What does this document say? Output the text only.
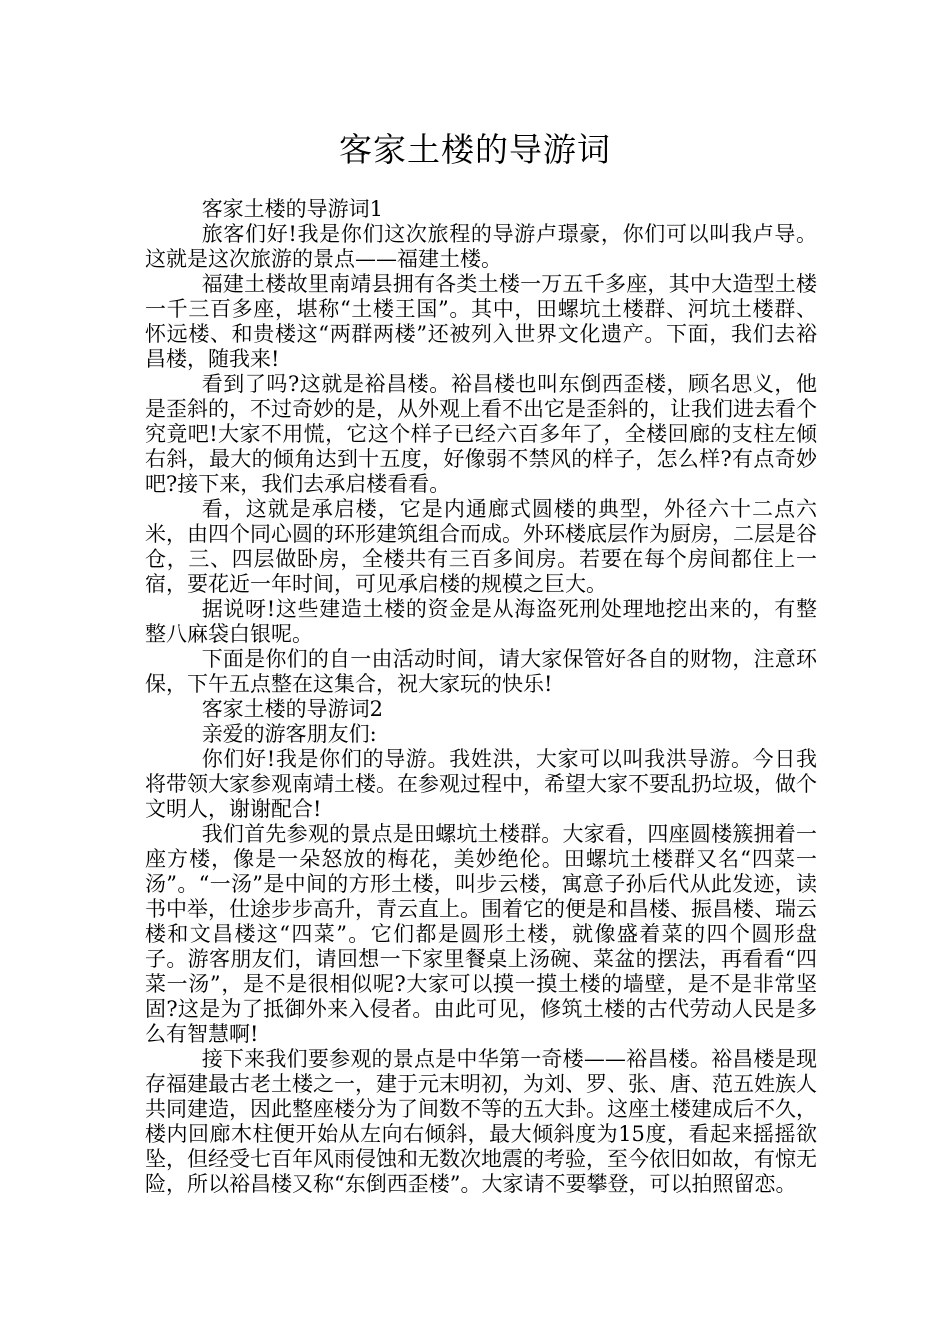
客家土楼的导游词

客家土楼的导游词1

旅客们好!我是你们这次旅程的导游卢璟豪，你们可以叫我卢导。这就是这次旅游的景点——福建土楼。

福建土楼故里南靖县拥有各类土楼一万五千多座，其中大造型土楼一千三百多座，堪称“土楼王国”。其中，田螺坑土楼群、河坑土楼群、怀远楼、和贵楼这“两群两楼”还被列入世界文化遗产。下面，我们去裕昌楼，随我来!

看到了吗?这就是裕昌楼。裕昌楼也叫东倒西歪楼，顾名思义，他是歪斜的，不过奇妙的是，从外观上看不出它是歪斜的，让我们进去看个究竟吧!大家不用慌，它这个样子已经六百多年了，全楼回廊的支柱左倾右斜，最大的倾角达到十五度，好像弱不禁风的样子，怎么样?有点奇妙吧?接下来，我们去承启楼看看。

看，这就是承启楼，它是内通廊式圆楼的典型，外径六十二点六米，由四个同心圆的环形建筑组合而成。外环楼底层作为厨房，二层是谷仓，三、四层做卧房，全楼共有三百多间房。若要在每个房间都住上一宿，要花近一年时间，可见承启楼的规模之巨大。

据说呀!这些建造土楼的资金是从海盗死刑处理地挖出来的，有整整八麻袋白银呢。

下面是你们的自一由活动时间，请大家保管好各自的财物，注意环保，下午五点整在这集合，祝大家玩的快乐!

客家土楼的导游词2

亲爱的游客朋友们:

你们好!我是你们的导游。我姓洪，大家可以叫我洪导游。今日我将带领大家参观南靖土楼。在参观过程中，希望大家不要乱扔垃圾，做个文明人，谢谢配合!

我们首先参观的景点是田螺坑土楼群。大家看，四座圆楼簇拥着一座方楼，像是一朵怒放的梅花，美妙绝伦。田螺坑土楼群又名“四菜一汤”。“一汤”是中间的方形土楼，叫步云楼，寓意子孙后代从此发迹，读书中举，仕途步步高升，青云直上。围着它的便是和昌楼、振昌楼、瑞云楼和文昌楼这“四菜”。它们都是圆形土楼，就像盛着菜的四个圆形盘子。游客朋友们，请回想一下家里餐桌上汤碗、菜盆的摆法，再看看“四菜一汤”，是不是很相似呢?大家可以摸一摸土楼的墙壁，是不是非常坚固?这是为了抵御外来入侵者。由此可见，修筑土楼的古代劳动人民是多么有智慧啊!

接下来我们要参观的景点是中华第一奇楼——裕昌楼。裕昌楼是现存福建最古老土楼之一，建于元末明初，为刘、罗、张、唐、范五姓族人共同建造，因此整座楼分为了间数不等的五大卦。这座土楼建成后不久，楼内回廊木柱便开始从左向右倾斜，最大倾斜度为15度，看起来摇摇欲坠，但经受七百年风雨侵蚀和无数次地震的考验，至今依旧如故，有惊无险，所以裕昌楼又称“东倒西歪楼”。大家请不要攀登，可以拍照留恋。
